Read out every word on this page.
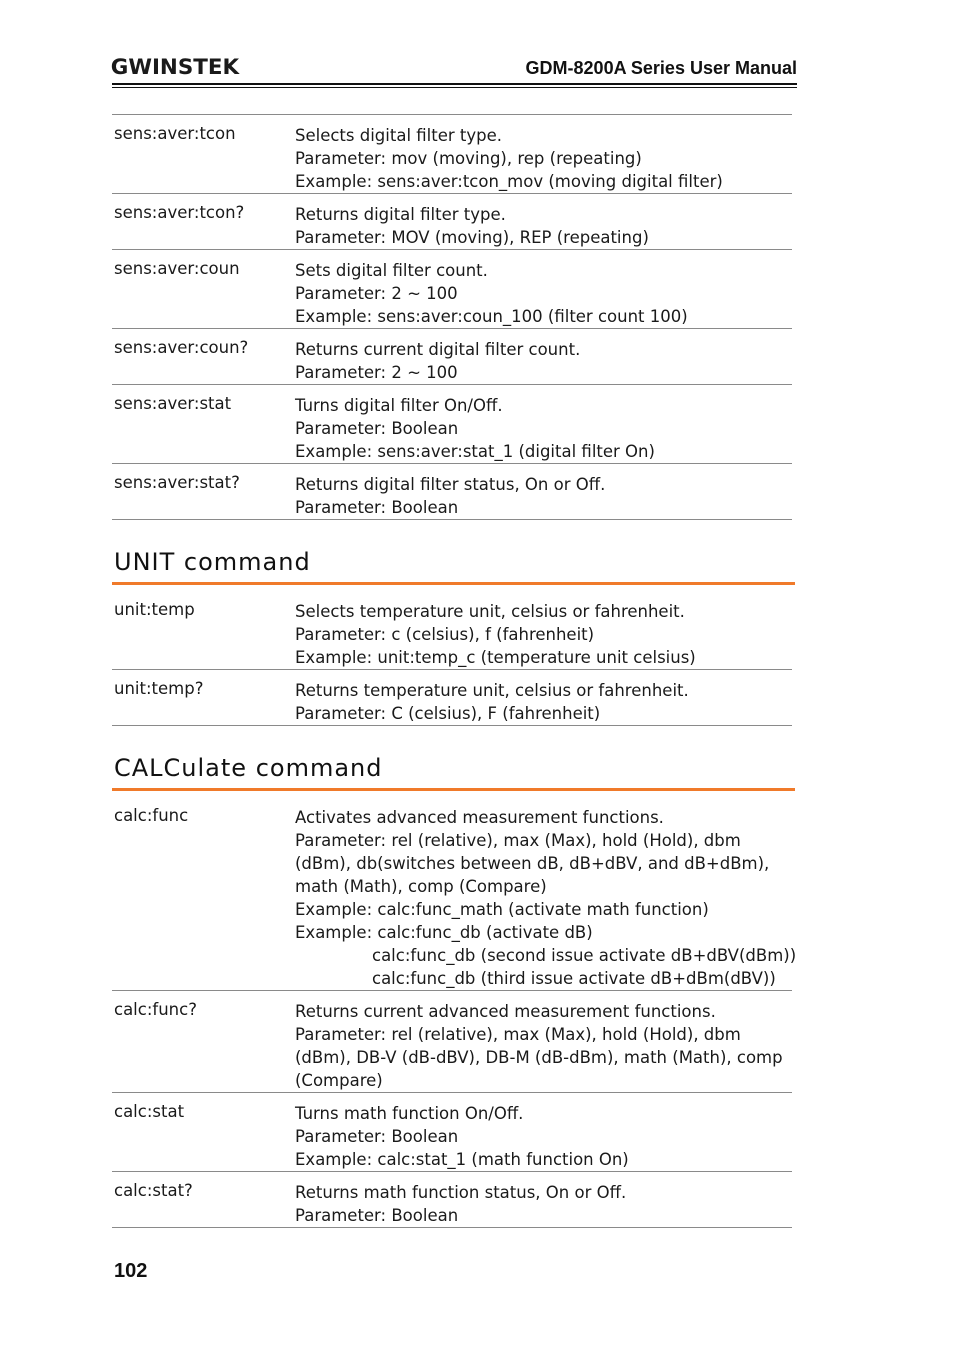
GWINSTEK	GDM-8200A Series User Manual
sens:aver:tcon	Selects digital filter type.
Parameter: mov (moving), rep (repeating)
Example: sens:aver:tcon_mov (moving digital filter)
sens:aver:tcon?	Returns digital filter type.
Parameter: MOV (moving), REP (repeating)
sens:aver:coun	Sets digital filter count.
Parameter: 2 ~ 100
Example: sens:aver:coun_100 (filter count 100)
sens:aver:coun?	Returns current digital filter count.
Parameter: 2 ~ 100
sens:aver:stat	Turns digital filter On/Off.
Parameter: Boolean
Example: sens:aver:stat_1 (digital filter On)
sens:aver:stat?	Returns digital filter status, On or Off.
Parameter: Boolean
UNIT command
unit:temp	Selects temperature unit, celsius or fahrenheit.
Parameter: c (celsius), f (fahrenheit)
Example: unit:temp_c (temperature unit celsius)
unit:temp?	Returns temperature unit, celsius or fahrenheit.
Parameter: C (celsius), F (fahrenheit)
CALCulate command
calc:func	Activates advanced measurement functions.
Parameter: rel (relative), max (Max), hold (Hold), dbm
(dBm), db(switches between dB, dB+dBV, and dB+dBm),
math (Math), comp (Compare)
Example: calc:func_math (activate math function)
Example: calc:func_db (activate dB)
calc:func_db (second issue activate dB+dBV(dBm))
calc:func_db (third issue activate dB+dBm(dBV))
calc:func?	Returns current advanced measurement functions.
Parameter: rel (relative), max (Max), hold (Hold), dbm
(dBm), DB-V (dB-dBV), DB-M (dB-dBm), math (Math), comp
(Compare)
calc:stat	Turns math function On/Off.
Parameter: Boolean
Example: calc:stat_1 (math function On)
calc:stat?	Returns math function status, On or Off.
Parameter: Boolean
102
